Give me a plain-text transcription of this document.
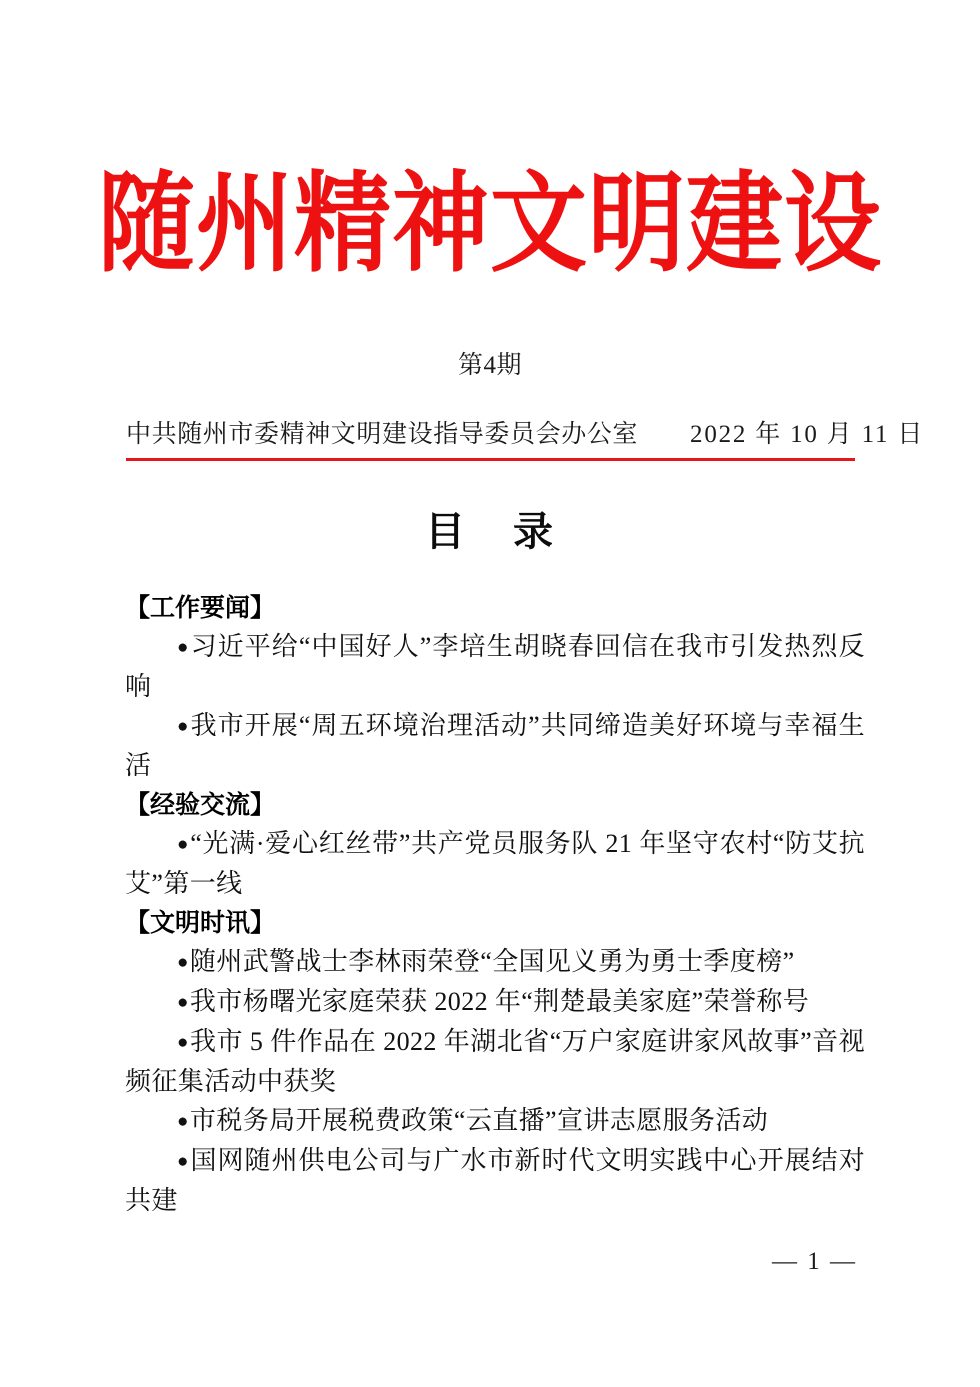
随州精神文明建设
第4期
中共随州市委精神文明建设指导委员会办公室 2022 年 10 月 11 日
目 录

【工作要闻】

●习近平给“中国好人”李培生胡晓春回信在我市引发热烈反响

●我市开展“周五环境治理活动”共同缔造美好环境与幸福生活

【经验交流】

●“光满·爱心红丝带”共产党员服务队 21 年坚守农村“防艾抗艾”第一线

【文明时讯】

●随州武警战士李林雨荣登“全国见义勇为勇士季度榜”

●我市杨曙光家庭荣获 2022 年“荆楚最美家庭”荣誉称号

●我市 5 件作品在 2022 年湖北省“万户家庭讲家风故事”音视频征集活动中获奖

●市税务局开展税费政策“云直播”宣讲志愿服务活动

●国网随州供电公司与广水市新时代文明实践中心开展结对共建

— 1 —
